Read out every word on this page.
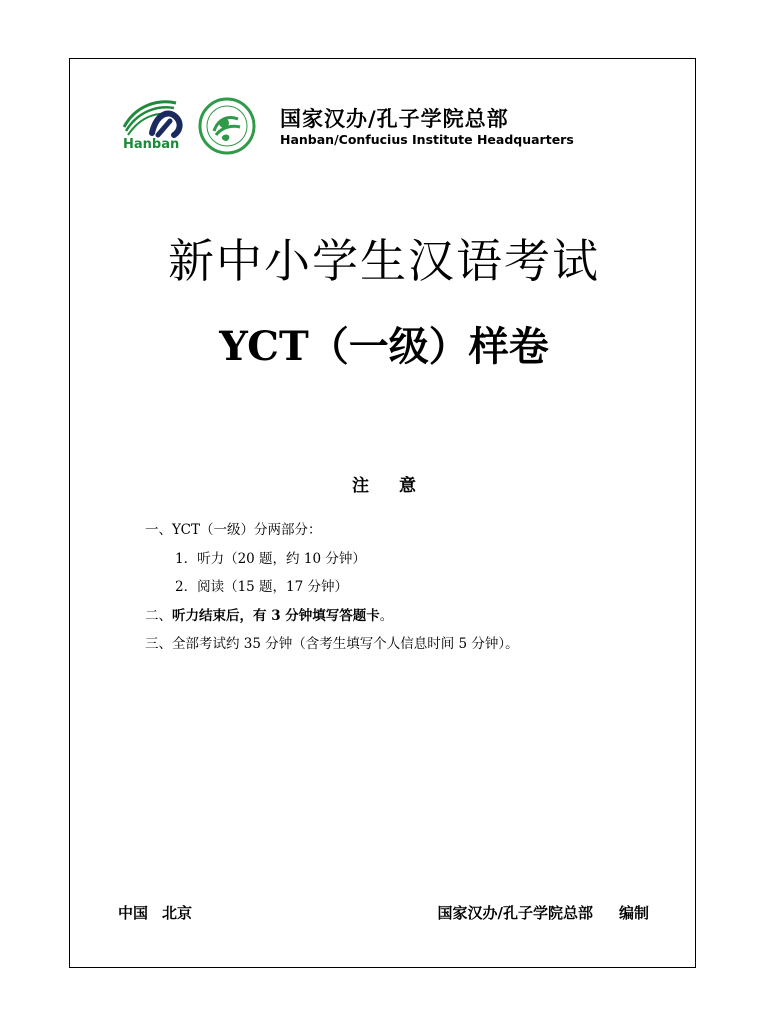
Hanban
国家汉办/孔子学院总部
Hanban/Confucius Institute Headquarters
新中小学生汉语考试
YCT（一级）样卷
注意
一、YCT（一级）分两部分：
1．听力（20 题，约 10 分钟）
2．阅读（15 题，17 分钟）
二、听力结束后，有 3 分钟填写答题卡。
三、全部考试约 35 分钟（含考生填写个人信息时间 5 分钟）。
中国 北京	国家汉办/孔子学院总部 编制
